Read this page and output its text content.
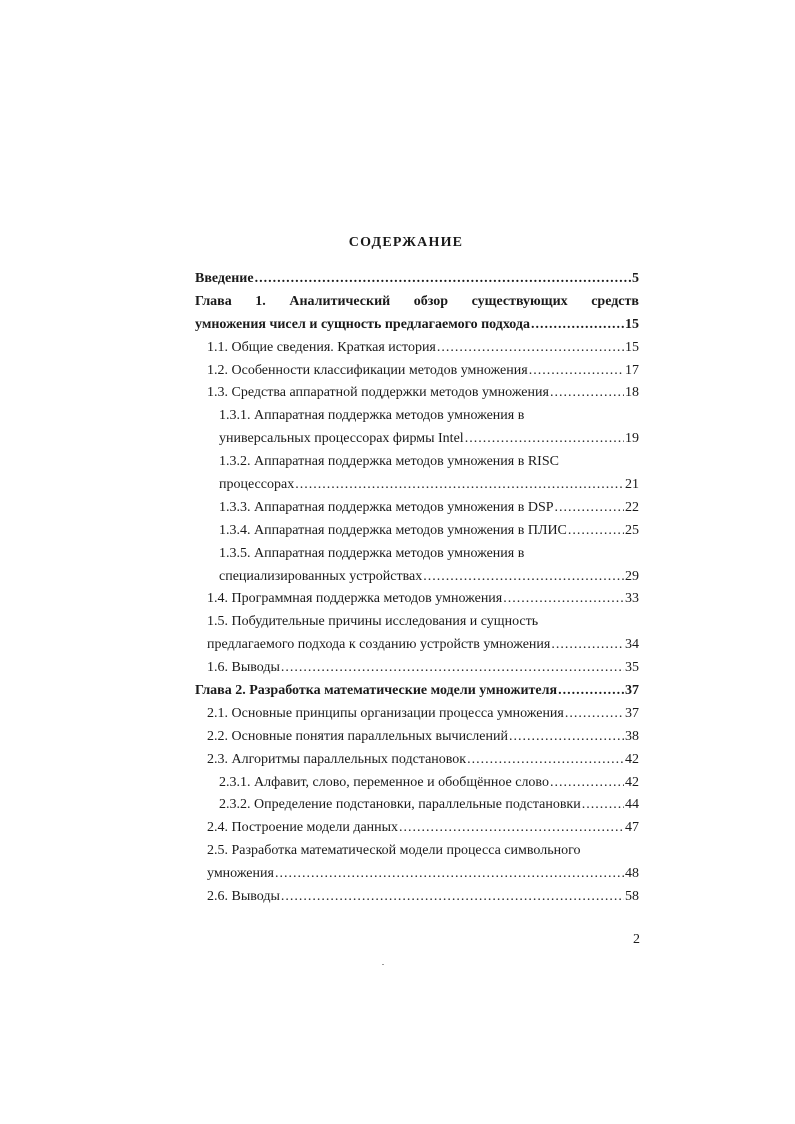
СОДЕРЖАНИЕ
Введение .....	5
Глава 1. Аналитический обзор существующих средств
умножения чисел и сущность предлагаемого подхода .....	15
1.1. Общие сведения. Краткая история .....	15
1.2. Особенности классификации методов умножения .....	17
1.3. Средства аппаратной поддержки методов умножения .....	18
1.3.1. Аппаратная поддержка методов умножения в
универсальных процессорах фирмы Intel .....	19
1.3.2. Аппаратная поддержка методов умножения в RISC
процессорах .....	21
1.3.3. Аппаратная поддержка методов умножения в DSP .....	22
1.3.4. Аппаратная поддержка методов умножения в ПЛИС .....	25
1.3.5. Аппаратная поддержка методов умножения в
специализированных устройствах .....	29
1.4. Программная поддержка методов умножения .....	33
1.5. Побудительные причины исследования и сущность
предлагаемого подхода к созданию устройств умножения .....	34
1.6. Выводы .....	35
Глава 2. Разработка математические модели умножителя .....	37
2.1. Основные принципы организации процесса умножения .....	37
2.2. Основные понятия параллельных вычислений .....	38
2.3. Алгоритмы параллельных подстановок .....	42
2.3.1. Алфавит, слово, переменное и обобщённое слово .....	42
2.3.2. Определение подстановки, параллельные подстановки .....	44
2.4. Построение модели данных .....	47
2.5. Разработка математической модели процесса символьного
умножения .....	48
2.6. Выводы .....	58
2
